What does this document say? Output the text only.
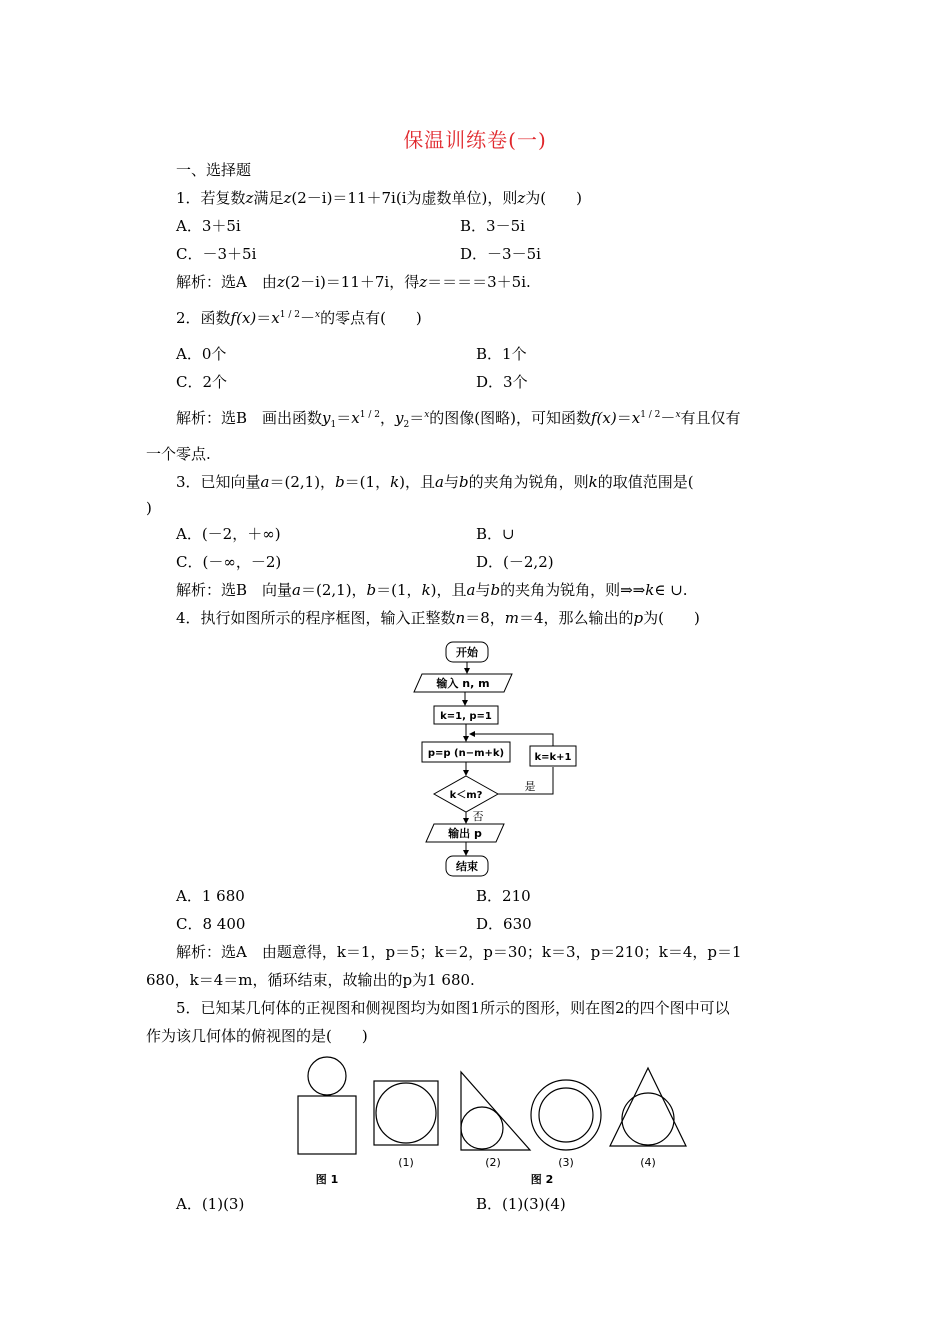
保温训练卷(一)
一、选择题
1．若复数z满足z(2－i)＝11＋7i(i为虚数单位)，则z为(　　)
A．3＋5i	B．3－5i
C．－3＋5i	D．－3－5i
解析：选A　由z(2－i)＝11＋7i，得z＝＝＝＝3＋5i.
2．函数$f(x)=x^{1 / 2}-^x$的零点有(　　)
A．0个	B．1个
C．2个	D．3个
解析：选B　画出函数$y_1=x^{1 / 2}$，$y_2=^x$的图像(图略)，可知函数$f(x)=x^{1 / 2}-^x$有且仅有
一个零点.
3．已知向量a＝(2,1)，b＝(1，k)，且a与b的夹角为锐角，则k的取值范围是(
)
A．(－2，＋∞)	B．∪
C．(－∞，－2)	D．(－2,2)
解析：选B　向量a＝(2,1)，b＝(1，k)，且a与b的夹角为锐角，则⇒⇒k∈ ∪.
4．执行如图所示的程序框图，输入正整数n＝8，m＝4，那么输出的p为(　　)
开始
输入 n, m
k=1, p=1
p=p (n−m+k)	k=k+1
k＜m?
是
否
输出 p
结束
A．1 680	B．210
C．8 400	D．630
解析：选A　由题意得，k＝1，p＝5；k＝2，p＝30；k＝3，p＝210；k＝4，p＝1
680，k＝4＝m，循环结束，故输出的p为1 680.
5．已知某几何体的正视图和侧视图均为如图1所示的图形，则在图2的四个图中可以
作为该几何体的俯视图的是(　　)
(1)	(2)	(3)	(4)
图 1	图 2
A．(1)(3)	B．(1)(3)(4)
